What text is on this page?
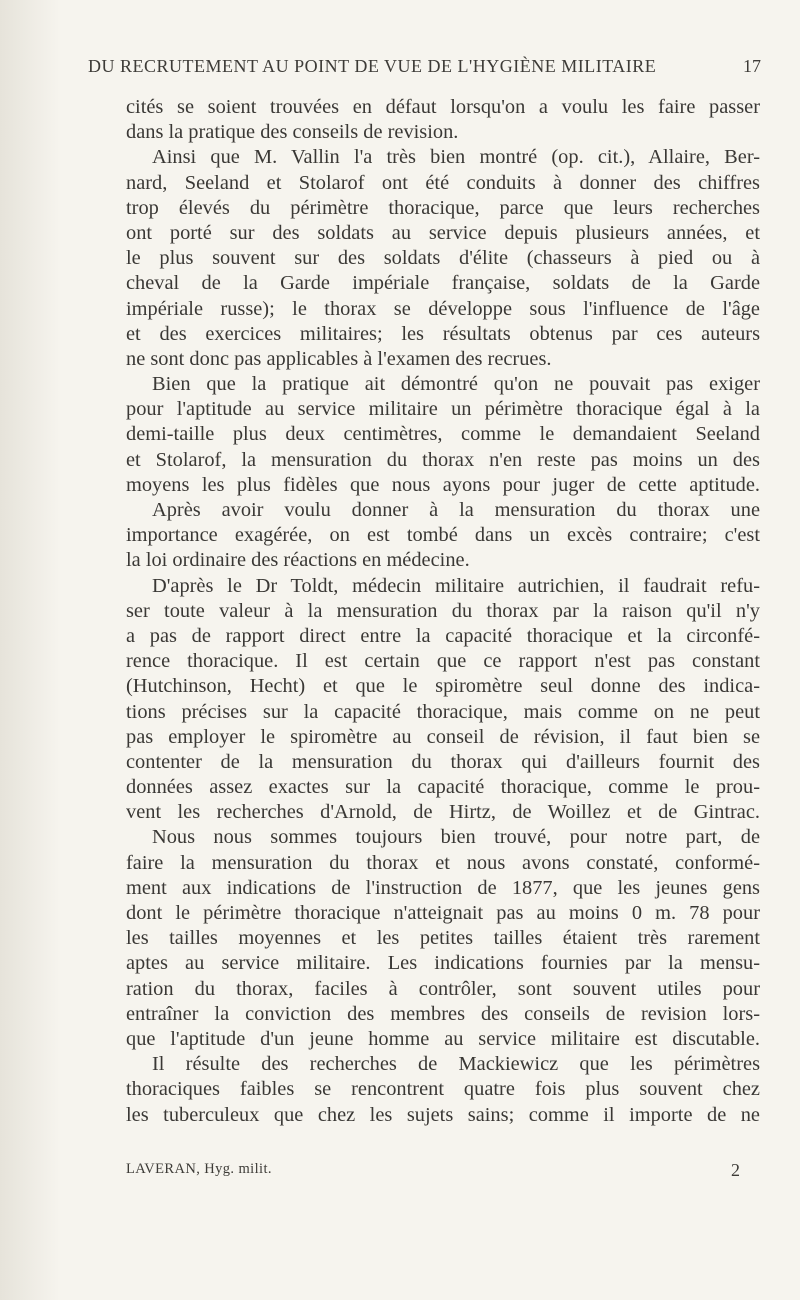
DU RECRUTEMENT AU POINT DE VUE DE L'HYGIÈNE MILITAIRE	17
cités se soient trouvées en défaut lorsqu'on a voulu les faire passer
dans la pratique des conseils de revision.
Ainsi que M. Vallin l'a très bien montré (op. cit.), Allaire, Ber-
nard, Seeland et Stolarof ont été conduits à donner des chiffres
trop élevés du périmètre thoracique, parce que leurs recherches
ont porté sur des soldats au service depuis plusieurs années, et
le plus souvent sur des soldats d'élite (chasseurs à pied ou à
cheval de la Garde impériale française, soldats de la Garde
impériale russe); le thorax se développe sous l'influence de l'âge
et des exercices militaires; les résultats obtenus par ces auteurs
ne sont donc pas applicables à l'examen des recrues.
Bien que la pratique ait démontré qu'on ne pouvait pas exiger
pour l'aptitude au service militaire un périmètre thoracique égal à la
demi-taille plus deux centimètres, comme le demandaient Seeland
et Stolarof, la mensuration du thorax n'en reste pas moins un des
moyens les plus fidèles que nous ayons pour juger de cette aptitude.
Après avoir voulu donner à la mensuration du thorax une
importance exagérée, on est tombé dans un excès contraire; c'est
la loi ordinaire des réactions en médecine.
D'après le Dr Toldt, médecin militaire autrichien, il faudrait refu-
ser toute valeur à la mensuration du thorax par la raison qu'il n'y
a pas de rapport direct entre la capacité thoracique et la circonfé-
rence thoracique. Il est certain que ce rapport n'est pas constant
(Hutchinson, Hecht) et que le spiromètre seul donne des indica-
tions précises sur la capacité thoracique, mais comme on ne peut
pas employer le spiromètre au conseil de révision, il faut bien se
contenter de la mensuration du thorax qui d'ailleurs fournit des
données assez exactes sur la capacité thoracique, comme le prou-
vent les recherches d'Arnold, de Hirtz, de Woillez et de Gintrac.
Nous nous sommes toujours bien trouvé, pour notre part, de
faire la mensuration du thorax et nous avons constaté, conformé-
ment aux indications de l'instruction de 1877, que les jeunes gens
dont le périmètre thoracique n'atteignait pas au moins 0 m. 78 pour
les tailles moyennes et les petites tailles étaient très rarement
aptes au service militaire. Les indications fournies par la mensu-
ration du thorax, faciles à contrôler, sont souvent utiles pour
entraîner la conviction des membres des conseils de revision lors-
que l'aptitude d'un jeune homme au service militaire est discutable.
Il résulte des recherches de Mackiewicz que les périmètres
thoraciques faibles se rencontrent quatre fois plus souvent chez
les tuberculeux que chez les sujets sains; comme il importe de ne
LAVERAN, Hyg. milit.	2
